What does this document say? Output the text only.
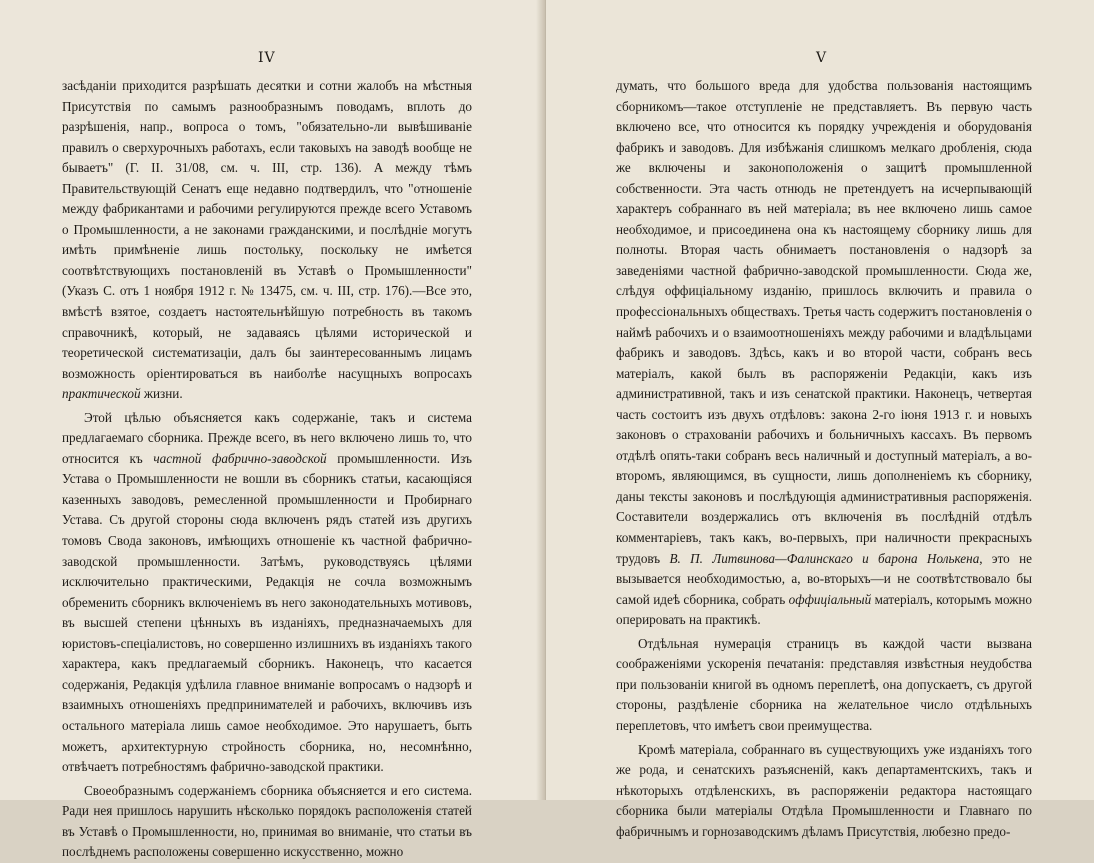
IV

засѣданіи приходится разрѣшать десятки и сотни жалобъ на мѣстныя Присутствія по самымъ разнообразнымъ поводамъ, вплоть до разрѣшенія, напр., вопроса о томъ, "обязательно-ли вывѣшиваніе правилъ о сверхурочныхъ работахъ, если таковыхъ на заводѣ вообще не бываетъ" (Г. II. 31/08, см. ч. III, стр. 136). А между тѣмъ Правительствующій Сенатъ еще недавно подтвердилъ, что "отношеніе между фабрикантами и рабочими регулируются прежде всего Уставомъ о Промышленности, а не законами гражданскими, и послѣдніе могутъ имѣть примѣненіе лишь постольку, поскольку не имѣется соотвѣтствующихъ постановленій въ Уставѣ о Промышленности" (Указъ С. отъ 1 ноября 1912 г. № 13475, см. ч. III, стр. 176).—Все это, вмѣстѣ взятое, создаетъ настоятельнѣйшую потребность въ такомъ справочникѣ, который, не задаваясь цѣлями исторической и теоретической систематизаціи, далъ бы заинтересованнымъ лицамъ возможность оріентироваться въ наиболѣе насущныхъ вопросахъ практической жизни.

Этой цѣлью объясняется какъ содержаніе, такъ и система предлагаемаго сборника. Прежде всего, въ него включено лишь то, что относится къ частной фабрично-заводской промышленности. Изъ Устава о Промышленности не вошли въ сборникъ статьи, касающіяся казенныхъ заводовъ, ремесленной промышленности и Пробирнаго Устава. Съ другой стороны сюда включенъ рядъ статей изъ другихъ томовъ Свода законовъ, имѣющихъ отношеніе къ частной фабрично-заводской промышленности. Затѣмъ, руководствуясь цѣлями исключительно практическими, Редакція не сочла возможнымъ обременить сборникъ включеніемъ въ него законодательныхъ мотивовъ, въ высшей степени цѣнныхъ въ изданіяхъ, предназначаемыхъ для юристовъ-спеціалистовъ, но совершенно излишнихъ въ изданіяхъ такого характера, какъ предлагаемый сборникъ. Наконецъ, что касается содержанія, Редакція удѣлила главное вниманіе вопросамъ о надзорѣ и взаимныхъ отношеніяхъ предпринимателей и рабочихъ, включивъ изъ остального матеріала лишь самое необходимое. Это нарушаетъ, быть можетъ, архитектурную стройность сборника, но, несомнѣнно, отвѣчаетъ потребностямъ фабрично-заводской практики.

Своеобразнымъ содержаніемъ сборника объясняется и его система. Ради нея пришлось нарушить нѣсколько порядокъ расположенія статей въ Уставѣ о Промышленности, но, принимая во вниманіе, что статьи въ послѣднемъ расположены совершенно искусственно, можно

V

думать, что большого вреда для удобства пользованія настоящимъ сборникомъ—такое отступленіе не представляетъ. Въ первую часть включено все, что относится къ порядку учрежденія и оборудованія фабрикъ и заводовъ. Для избѣжанія слишкомъ мелкаго дробленія, сюда же включены и законоположенія о защитѣ промышленной собственности. Эта часть отнюдь не претендуетъ на исчерпывающій характеръ собраннаго въ ней матеріала; въ нее включено лишь самое необходимое, и присоединена она къ настоящему сборнику лишь для полноты. Вторая часть обнимаетъ постановленія о надзорѣ за заведеніями частной фабрично-заводской промышленности. Сюда же, слѣдуя оффиціальному изданію, пришлось включить и правила о профессіональныхъ обществахъ. Третья часть содержитъ постановленія о наймѣ рабочихъ и о взаимоотношеніяхъ между рабочими и владѣльцами фабрикъ и заводовъ. Здѣсь, какъ и во второй части, собранъ весь матеріалъ, какой былъ въ распоряженіи Редакціи, какъ изъ административной, такъ и изъ сенатской практики. Наконецъ, четвертая часть состоитъ изъ двухъ отдѣловъ: закона 2-го іюня 1913 г. и новыхъ законовъ о страхованіи рабочихъ и больничныхъ кассахъ. Въ первомъ отдѣлѣ опять-таки собранъ весь наличный и доступный матеріалъ, а во-второмъ, являющимся, въ сущности, лишь дополненіемъ къ сборнику, даны тексты законовъ и послѣдующія административныя распоряженія. Составители воздержались отъ включенія въ послѣдній отдѣлъ комментаріевъ, такъ какъ, во-первыхъ, при наличности прекрасныхъ трудовъ В. П. Литвинова—Фалинскаго и барона Нолькена, это не вызывается необходимостью, а, во-вторыхъ—и не соотвѣтствовало бы самой идеѣ сборника, собрать оффиціальный матеріалъ, которымъ можно оперировать на практикѣ.

Отдѣльная нумерація страницъ въ каждой части вызвана соображеніями ускоренія печатанія: представляя извѣстныя неудобства при пользованіи книгой въ одномъ переплетѣ, она допускаетъ, съ другой стороны, раздѣленіе сборника на желательное число отдѣльныхъ переплетовъ, что имѣетъ свои преимущества.

Кромѣ матеріала, собраннаго въ существующихъ уже изданіяхъ того же рода, и сенатскихъ разъясненій, какъ департаментскихъ, такъ и нѣкоторыхъ отдѣленскихъ, въ распоряженіи редактора настоящаго сборника были матеріалы Отдѣла Промышленности и Главнаго по фабричнымъ и горнозаводскимъ дѣламъ Присутствія, любезно предо-
